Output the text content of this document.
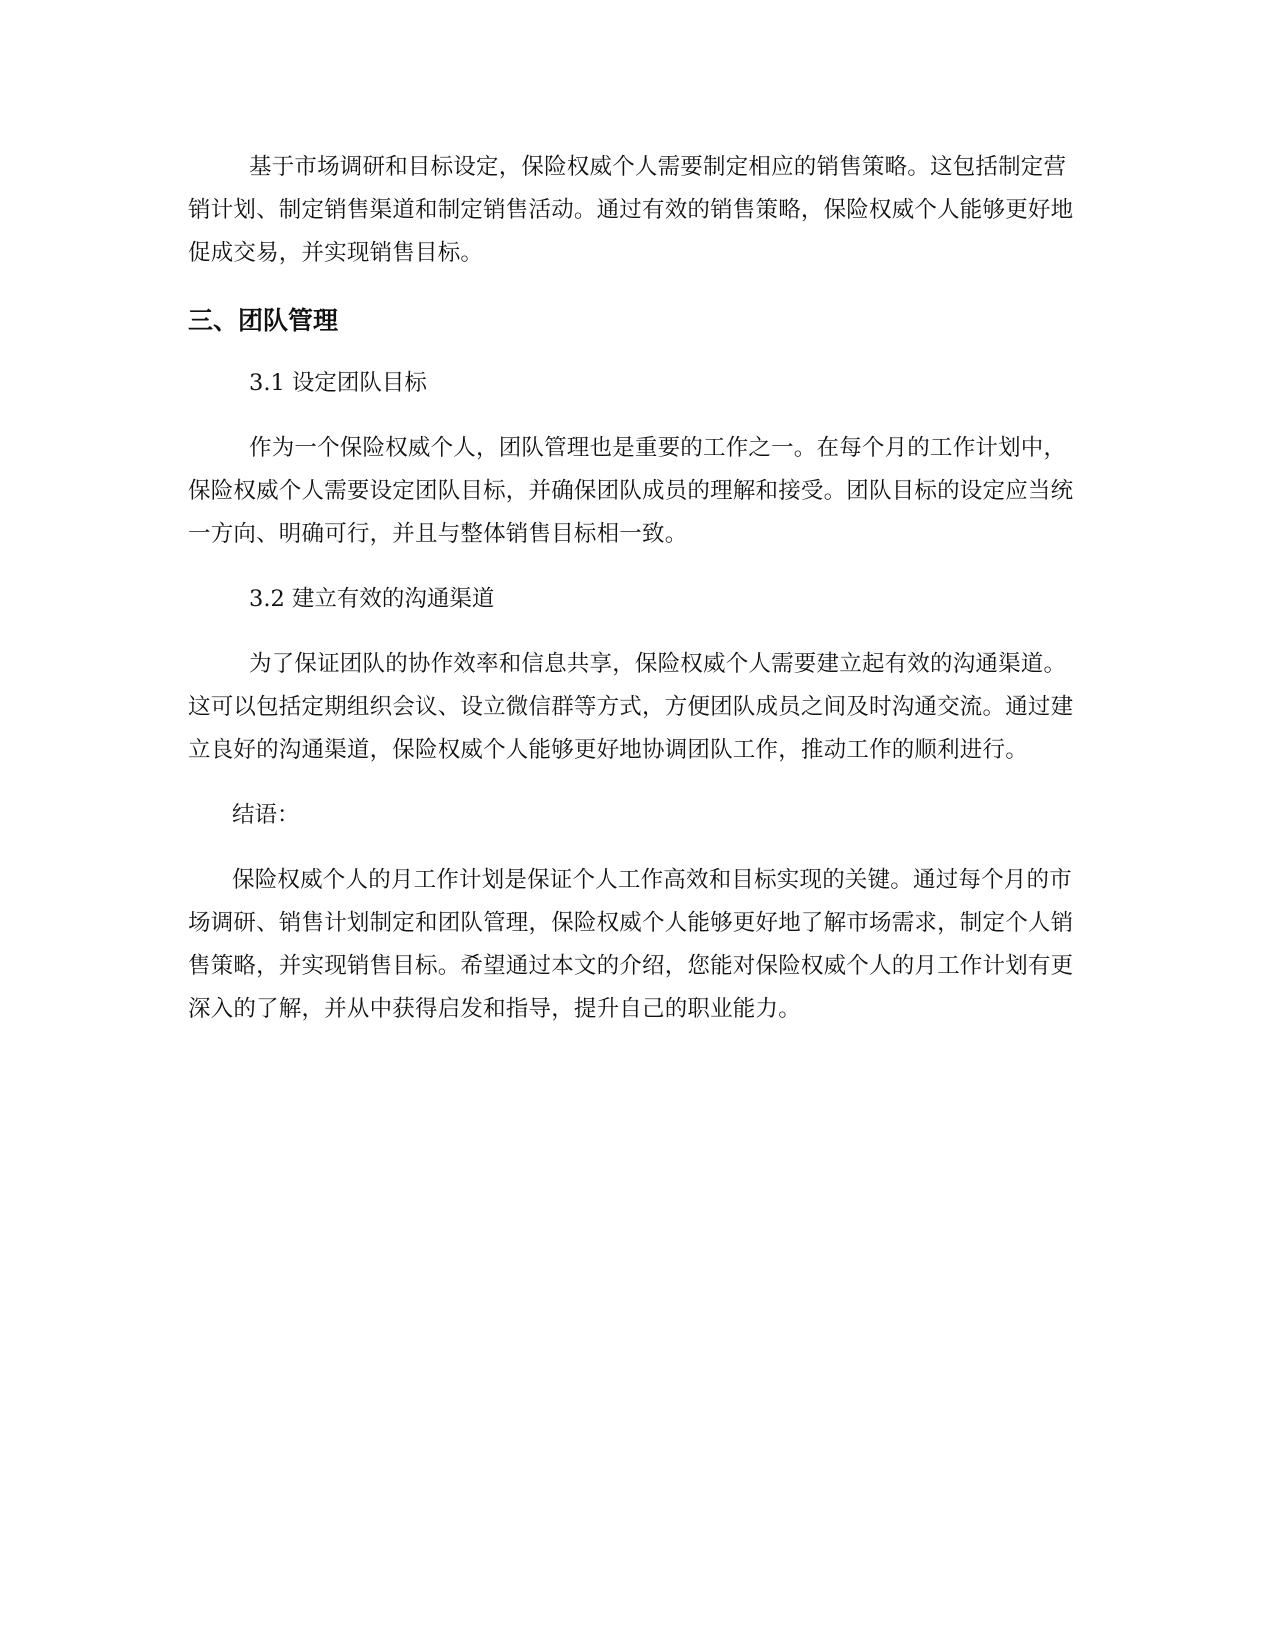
基于市场调研和目标设定，保险权威个人需要制定相应的销售策略。这包括制定营销计划、制定销售渠道和制定销售活动。通过有效的销售策略，保险权威个人能够更好地促成交易，并实现销售目标。

三、团队管理
3.1 设定团队目标

作为一个保险权威个人，团队管理也是重要的工作之一。在每个月的工作计划中，保险权威个人需要设定团队目标，并确保团队成员的理解和接受。团队目标的设定应当统一方向、明确可行，并且与整体销售目标相一致。

3.2 建立有效的沟通渠道

为了保证团队的协作效率和信息共享，保险权威个人需要建立起有效的沟通渠道。这可以包括定期组织会议、设立微信群等方式，方便团队成员之间及时沟通交流。通过建立良好的沟通渠道，保险权威个人能够更好地协调团队工作，推动工作的顺利进行。

结语：

保险权威个人的月工作计划是保证个人工作高效和目标实现的关键。通过每个月的市场调研、销售计划制定和团队管理，保险权威个人能够更好地了解市场需求，制定个人销售策略，并实现销售目标。希望通过本文的介绍，您能对保险权威个人的月工作计划有更深入的了解，并从中获得启发和指导，提升自己的职业能力。
